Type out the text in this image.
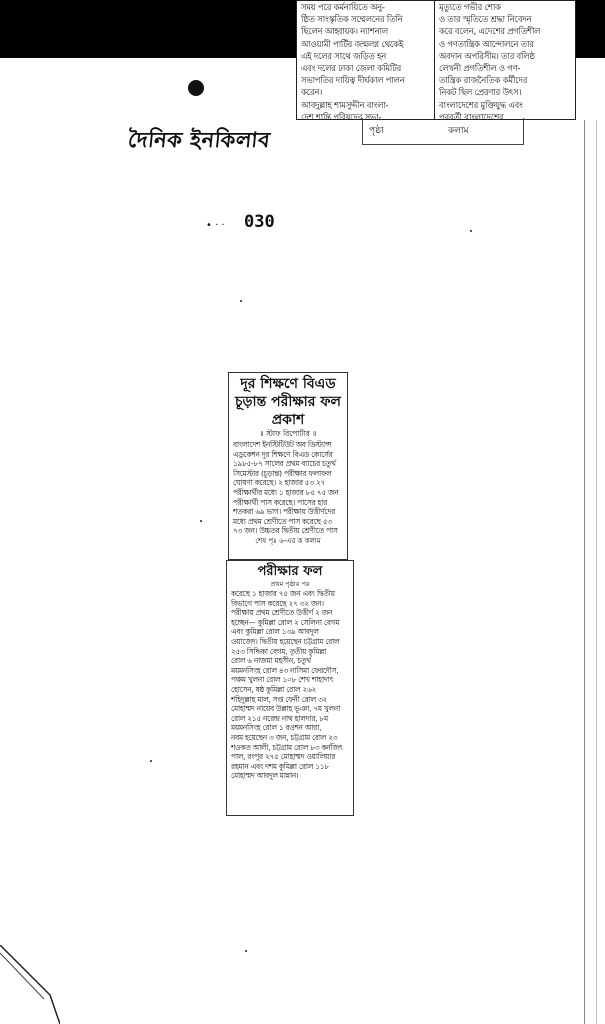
সময় পরে কর্মনায়িতে অনু-
ষ্ঠিত সাংস্কৃতিক সম্মেলনের তিনি
ছিলেন আহ্বায়ক। ন্যাশনাল
আওয়ামী পার্টির জন্মলগ্ন থেকেই
এই দলের সাথে জড়িত হন
এবং দলের ঢাকা জেলা কমিটির
সভাপতির দায়িত্ব দীর্ঘকাল পালন
করেন।
আবদুল্লাহ শামসুদ্দীন বাংলা-
দেশ শান্তি পরিষদের সভা-
মৃত্যুতে গভীর শোক
ও তার স্মৃতিতে শ্রদ্ধা নিবেদন
করে বলেন, এদেশের প্রগতিশীল
ও গণতান্ত্রিক আন্দোলনে তার
অবদান অপরিসীম। তার বলিষ্ঠ
লেখনী প্রগতিশীল ও গণ-
তান্ত্রিক রাজনৈতিক কর্মীদের
নিকট ছিল প্রেরণার উৎস।
বাংলাদেশের মুক্তিযুদ্ধ এবং
পরবর্তী বাংলাদেশের
পৃষ্ঠা	কলাম
দৈনিক ইনকিলাব
• · · 030
দূর শিক্ষণে বিএড
চূড়ান্ত পরীক্ষার ফল
প্রকাশ
॥ স্টাফ রিপোর্টার ॥
বাংলাদেশ ইনস্টিটিউট অব ডিস্ট্যান্স
এডুকেশন দূর শিক্ষণে বিএড কোর্সের
১৯৮৫-৮৭ সালের প্রথম ব্যাচের চতুর্থ
সিমেস্টার (চূড়ান্ত) পরীক্ষার ফলাফল
ঘোষণা করেছে। ২ হাজার ৫৩ ২৭
পরীক্ষার্থীর মধ্যে ১ হাজার ৮৫ ৭৫ জন
পরীক্ষার্থী পাস করেছে। পাসের হার
শতকরা ৬৯ ভাগ। পরীক্ষায় উত্তীর্ণদের
মধ্যে প্রথম শ্রেণীতে পাস করেছে ৫৩
৭৩ জন। উচ্চতর দ্বিতীয় শ্রেণীতে পাস
শেষ পৃঃ ৬-এর ক কলাম
পরীক্ষার ফল
প্রথম পৃষ্ঠার পর
করেছে ১ হাজার ৭৫ জন এবং দ্বিতীয়
বিভাগে পাস করেছে ২৭ ৩২ জন।
পরীক্ষায় প্রথম শ্রেণীতে উত্তীর্ণ ২ জন
হচ্ছেন— কুমিল্লা রোল ২ সেলিনা বেগম
এবং কুমিল্লা রোল ১৩৯ আবদুল
ওয়াজেদ। দ্বিতীয় হয়েছেন চট্টগ্রাম রোল
২৫৩ সিদ্দিকা বেগম, তৃতীয় কুমিল্লা
রোল ৬ নাজমা মহসীন, চতুর্থ
ময়মনসিংহ রোল ৪৩ নাসিমা ফেরদৌস,
পঞ্চম খুলনা রোল ১০৮ শেখ শাহাদাৎ
হোসেন, ষষ্ঠ কুমিল্লা রোল ২৬২
শহিদুল্লাহ মাল, সপ্ত ফেনী রোল ৩২
মোহাম্মদ নায়েব উল্লাহ ভূঞা, ৭ম খুলনা
রোল ২১৫ নরেন্দ্র নাথ হালদার, ৮ম
ময়মনসিংহ রোল ১ রওশন আরা,
নবম হয়েছেন ৩ জন, চট্টগ্রাম রোল ২৩
শওকত আলী, চট্টগ্রাম রোল ৮৩ কর্নজিৎ
পাল, রংপুর ২৭৫ মোহাম্মদ ওয়ালিয়ার
রহমান এবং দশম কুমিল্লা রোল ১১৮
মোহাম্মদ আবদুল মান্নান।
